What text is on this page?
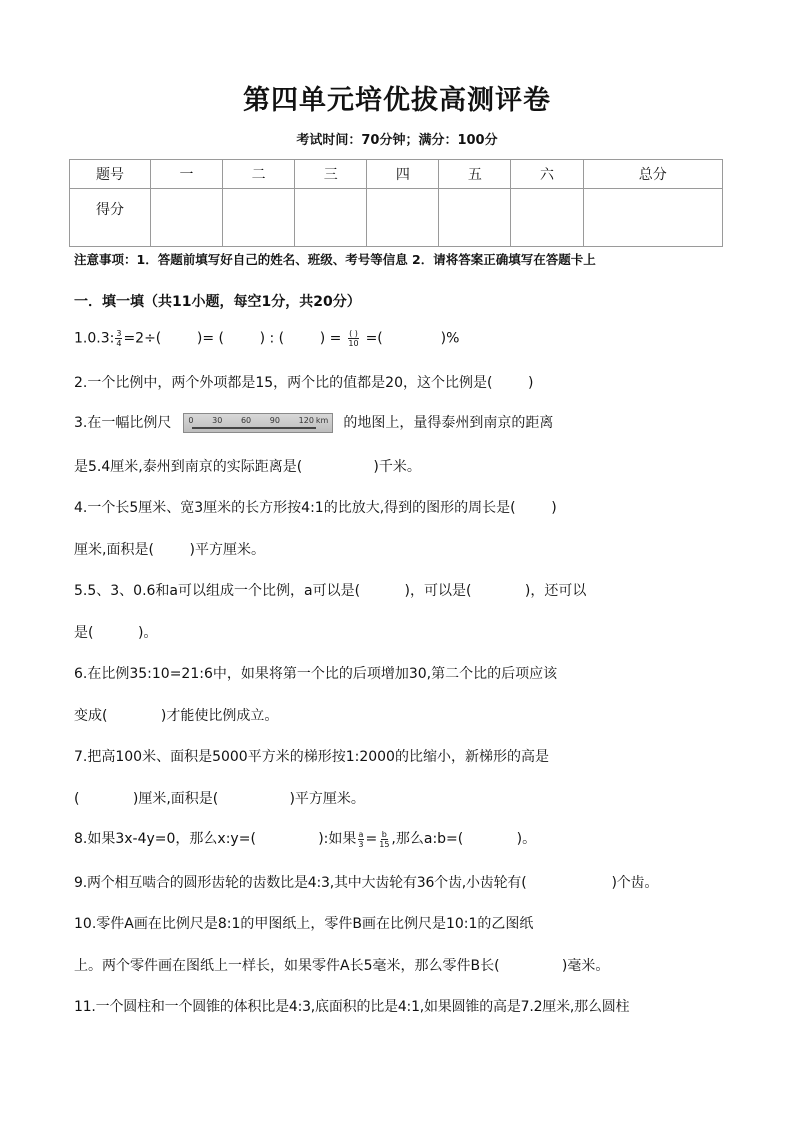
第四单元培优拔高测评卷
考试时间：70分钟；满分：100分
题号	一	二	三	四	五	六	总分
得分							
注意事项：1．答题前填写好自己的姓名、班级、考号等信息 2．请将答案正确填写在答题卡上
一．填一填（共11小题，每空1分，共20分）
1.0.3: $\frac{3}{4} =2\div$(        )= (        ) : (        ) = $\frac{( )}{10}$ =(             )%
2.一个比例中，两个外项都是15，两个比的值都是20，这个比例是(        )
3.在一幅比例尺 0 30 60 90 120 km 的地图上，量得泰州到南京的距离
是5.4厘米,泰州到南京的实际距离是(                )千米。
4.一个长5厘米、宽3厘米的长方形按4:1的比放大,得到的图形的周长是(        )
厘米,面积是(        )平方厘米。
5.5、3、0.6和a可以组成一个比例，a可以是(          )，可以是(            )，还可以
是(          )。
6.在比例35:10=21:6中，如果将第一个比的后项增加30,第二个比的后项应该
变成(            )才能使比例成立。
7.把高100米、面积是5000平方米的梯形按1:2000的比缩小，新梯形的高是
(            )厘米,面积是(                )平方厘米。
8.如果3x-4y=0，那么x:y=(              ):如果 $\frac{a}{3} = \frac{b}{15}$ ,那么a:b=(            )。
9.两个相互啮合的圆形齿轮的齿数比是4:3,其中大齿轮有36个齿,小齿轮有(                    )个齿。
10.零件A画在比例尺是8:1的甲图纸上，零件B画在比例尺是10:1的乙图纸
上。两个零件画在图纸上一样长，如果零件A长5毫米，那么零件B长(              )毫米。
11.一个圆柱和一个圆锥的体积比是4:3,底面积的比是4:1,如果圆锥的高是7.2厘米,那么圆柱
